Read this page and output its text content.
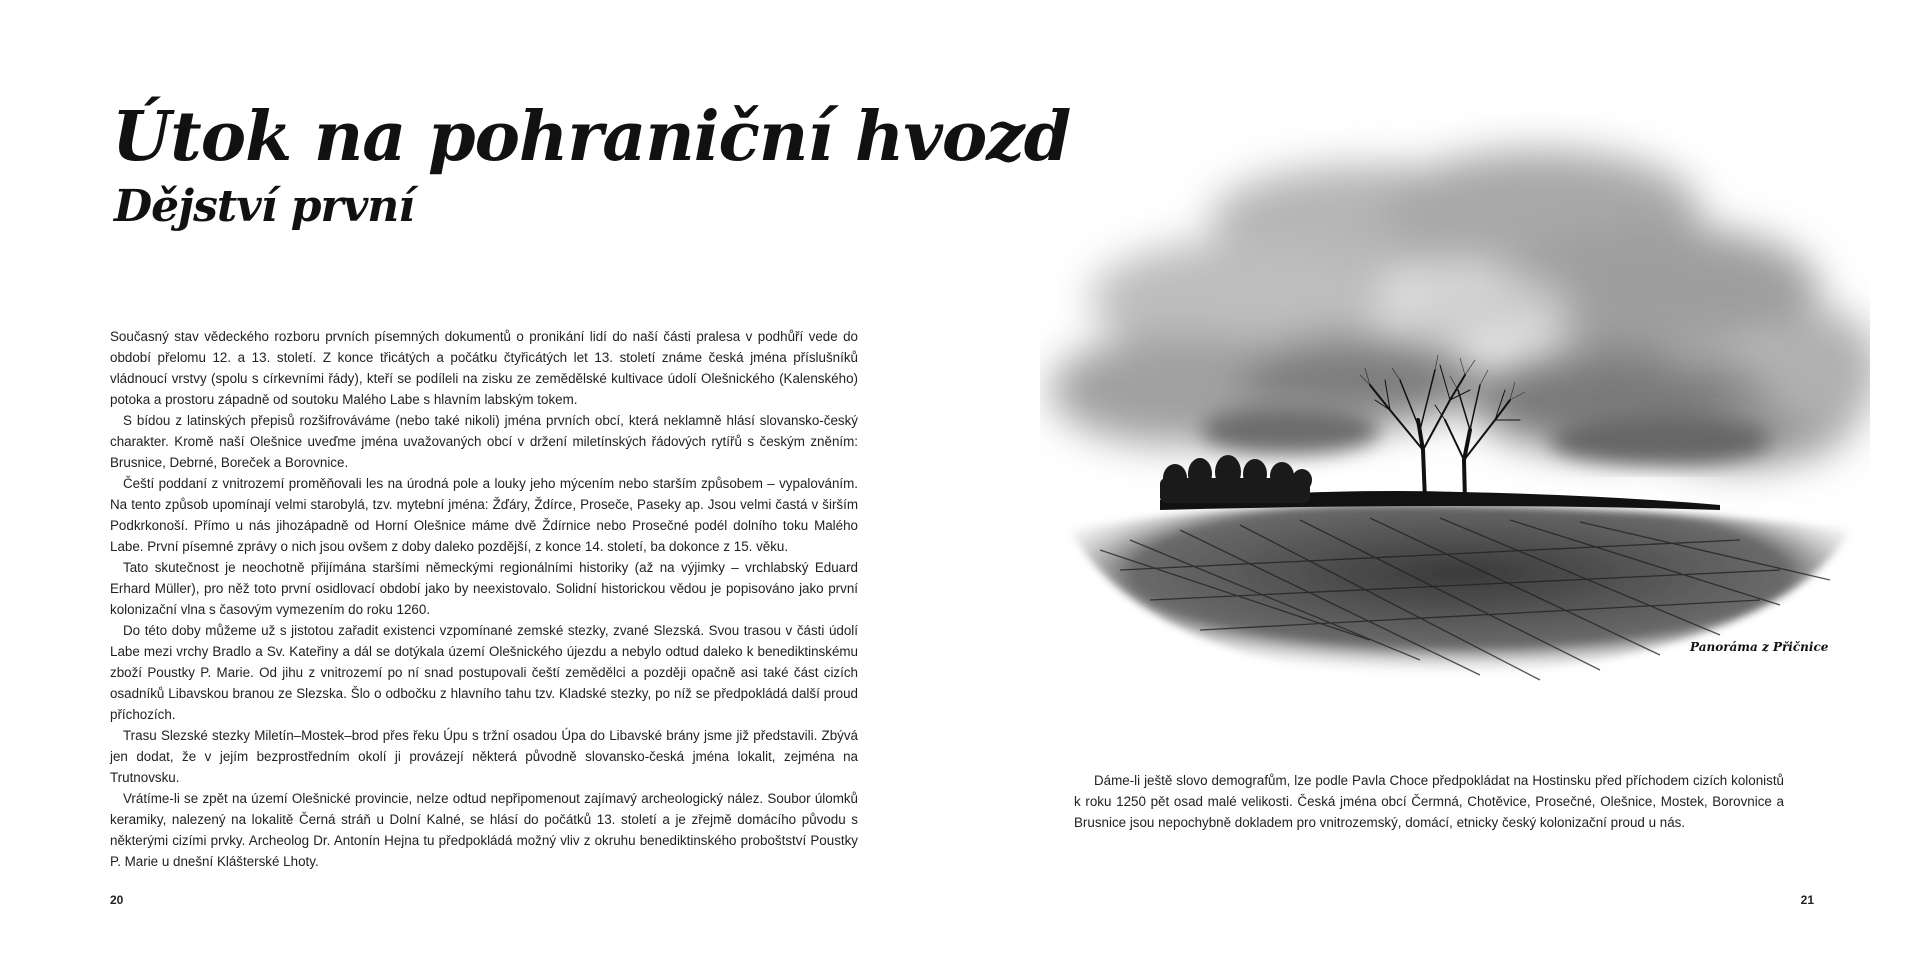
Útok na pohraniční hvozd
Dějství první

Současný stav vědeckého rozboru prvních písemných dokumentů o pronikání lidí do naší části pralesa v podhůří vede do období přelomu 12. a 13. století. Z konce třicátých a počátku čtyřicátých let 13. století známe česká jména příslušníků vládnoucí vrstvy (spolu s církevními řády), kteří se podíleli na zisku ze zemědělské kultivace údolí Olešnického (Kalenského) potoka a prostoru západně od soutoku Malého Labe s hlavním labským tokem.

S bídou z latinských přepisů rozšifrováváme (nebo také nikoli) jména prvních obcí, která neklamně hlásí slovansko-český charakter. Kromě naší Olešnice uveďme jména uvažovaných obcí v držení miletínských řádových rytířů s českým zněním: Brusnice, Debrné, Boreček a Borovnice.

Čeští poddaní z vnitrozemí proměňovali les na úrodná pole a louky jeho mýcením nebo starším způsobem – vypalováním. Na tento způsob upomínají velmi starobylá, tzv. mytební jména: Žďáry, Ždírce, Proseče, Paseky ap. Jsou velmi častá v širším Podkrkonoší. Přímo u nás jihozápadně od Horní Olešnice máme dvě Ždírnice nebo Prosečné podél dolního toku Malého Labe. První písemné zprávy o nich jsou ovšem z doby daleko pozdější, z konce 14. století, ba dokonce z 15. věku.

Tato skutečnost je neochotně přijímána staršími německými regionálními historiky (až na výjimky – vrchlabský Eduard Erhard Müller), pro něž toto první osidlovací období jako by neexistovalo. Solidní historickou vědou je popisováno jako první kolonizační vlna s časovým vymezením do roku 1260.

Do této doby můžeme už s jistotou zařadit existenci vzpomínané zemské stezky, zvané Slezská. Svou trasou v části údolí Labe mezi vrchy Bradlo a Sv. Kateřiny a dál se dotýkala území Olešnického újezdu a nebylo odtud daleko k benediktinskému zboží Poustky P. Marie. Od jihu z vnitrozemí po ní snad postupovali čeští zemědělci a později opačně asi také část cizích osadníků Libavskou branou ze Slezska. Šlo o odbočku z hlavního tahu tzv. Kladské stezky, po níž se předpokládá další proud příchozích.

Trasu Slezské stezky Miletín–Mostek–brod přes řeku Úpu s tržní osadou Úpa do Libavské brány jsme již představili. Zbývá jen dodat, že v jejím bezprostředním okolí ji provázejí některá původně slovansko-česká jména lokalit, zejména na Trutnovsku.

Vrátíme-li se zpět na území Olešnické provincie, nelze odtud nepřipomenout zajímavý archeologický nález. Soubor úlomků keramiky, nalezený na lokalitě Černá stráň u Dolní Kalné, se hlásí do počátků 13. století a je zřejmě domácího původu s některými cizími prvky. Archeolog Dr. Antonín Hejna tu předpokládá možný vliv z okruhu benediktinského proboštství Poustky P. Marie u dnešní Klášterské Lhoty.

20
Panoráma z Přičnice

Dáme-li ještě slovo demografům, lze podle Pavla Choce předpokládat na Hostinsku před příchodem cizích kolonistů k roku 1250 pět osad malé velikosti. Česká jména obcí Čermná, Chotěvice, Prosečné, Olešnice, Mostek, Borovnice a Brusnice jsou nepochybně dokladem pro vnitrozemský, domácí, etnicky český kolonizační proud u nás.

21
